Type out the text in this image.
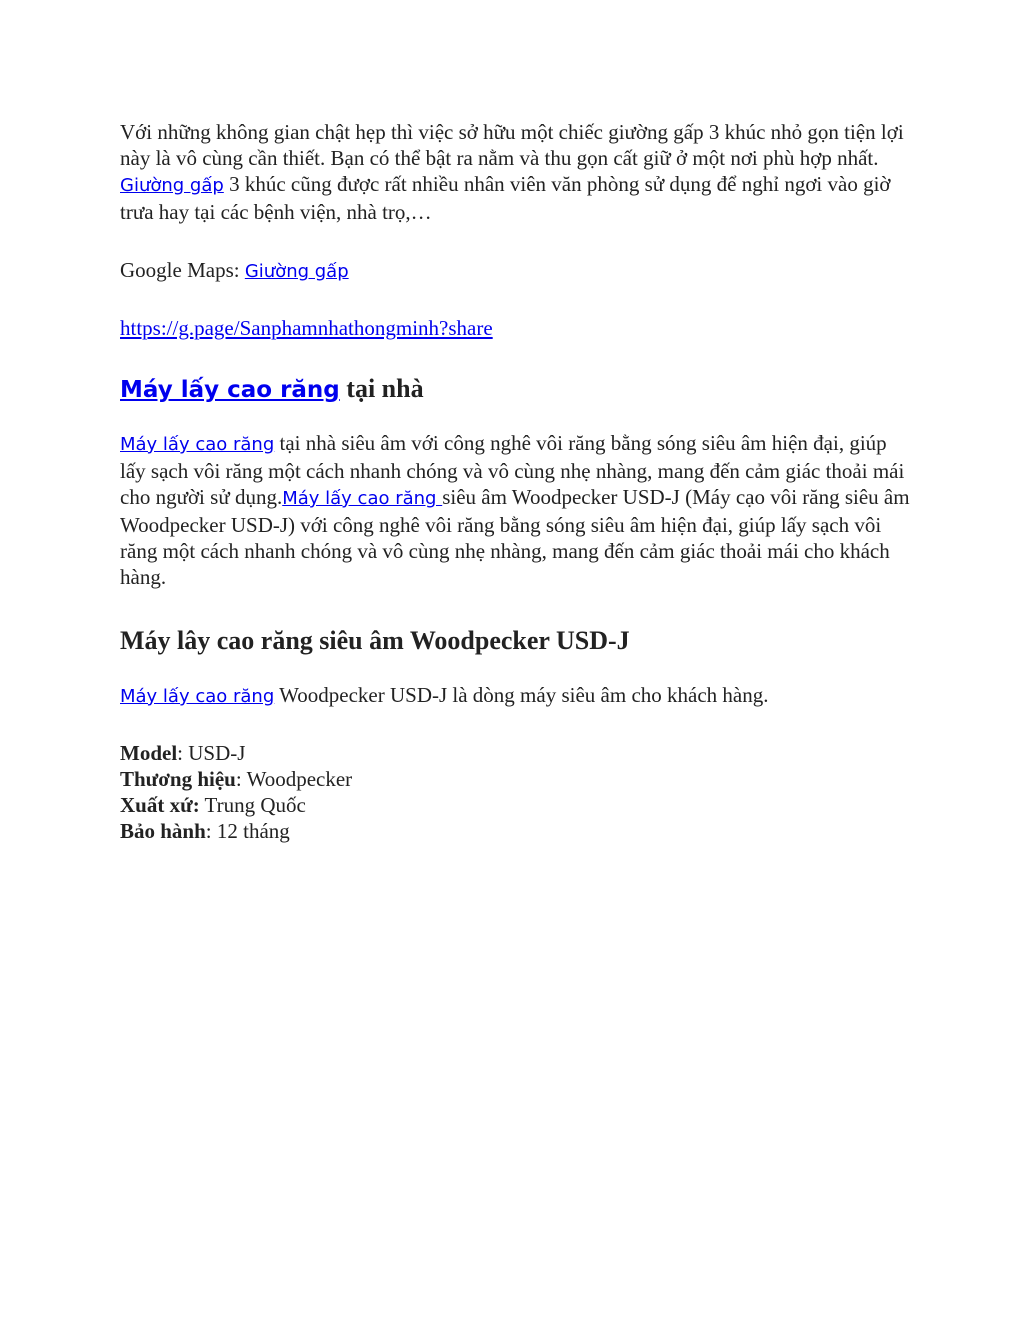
Với những không gian chật hẹp thì việc sở hữu một chiếc giường gấp 3 khúc nhỏ gọn tiện lợi này là vô cùng cần thiết. Bạn có thể bật ra nằm và thu gọn cất giữ ở một nơi phù hợp nhất. Giường gấp 3 khúc cũng được rất nhiều nhân viên văn phòng sử dụng để nghỉ ngơi vào giờ trưa hay tại các bệnh viện, nhà trọ,…

Google Maps: Giường gấp

https://g.page/Sanphamnhathongminh?share

Máy lấy cao răng tại nhà

Máy lấy cao răng tại nhà siêu âm với công nghê vôi răng bằng sóng siêu âm hiện đại, giúp lấy sạch vôi răng một cách nhanh chóng và vô cùng nhẹ nhàng, mang đến cảm giác thoải mái cho người sử dụng.Máy lấy cao răng siêu âm Woodpecker USD-J (Máy cạo vôi răng siêu âm Woodpecker USD-J) với công nghê vôi răng bằng sóng siêu âm hiện đại, giúp lấy sạch vôi răng một cách nhanh chóng và vô cùng nhẹ nhàng, mang đến cảm giác thoải mái cho khách hàng.

Máy lây cao răng siêu âm Woodpecker USD-J

Máy lấy cao răng Woodpecker USD-J là dòng máy siêu âm cho khách hàng.

Model: USD-J
Thương hiệu: Woodpecker
Xuất xứ: Trung Quốc
Bảo hành: 12 tháng
